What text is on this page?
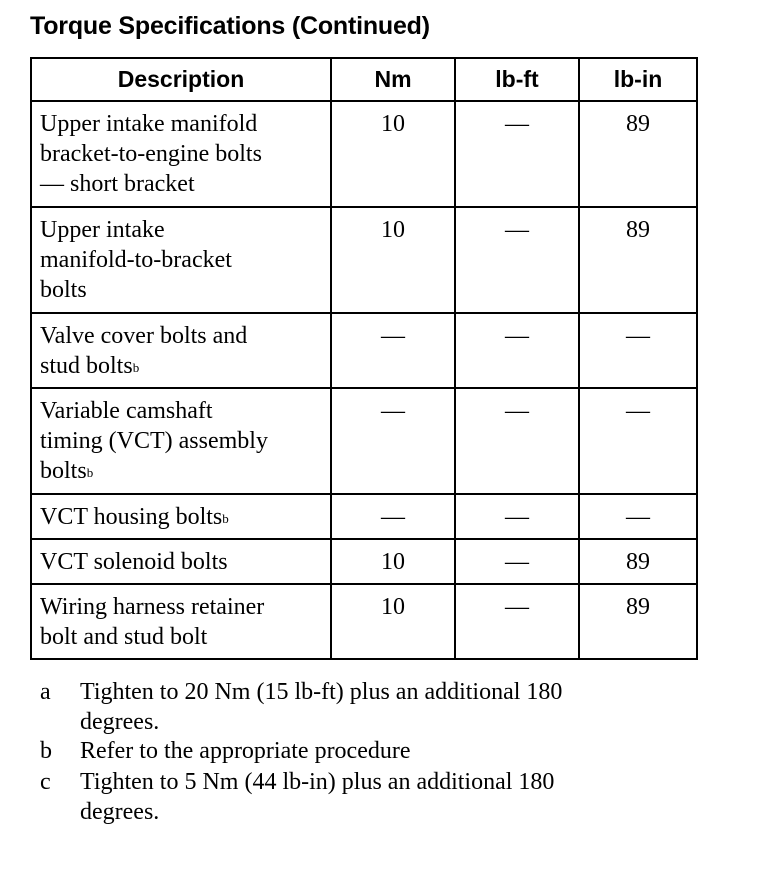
Torque Specifications (Continued)
Description	Nm	lb-ft	lb-in

Upper intake manifold
bracket-to-engine bolts
— short bracket	10	—	89

Upper intake
manifold-to-bracket
bolts	10	—	89

Valve cover bolts and
stud bolts$^b$	—	—	—

Variable camshaft
timing (VCT) assembly
bolts$^b$	—	—	—

VCT housing bolts$^b$	—	—	—

VCT solenoid bolts	10	—	89

Wiring harness retainer
bolt and stud bolt	10	—	89
a Tighten to 20 Nm (15 lb-ft) plus an additional 180
degrees.
b Refer to the appropriate procedure
c Tighten to 5 Nm (44 lb-in) plus an additional 180
degrees.
